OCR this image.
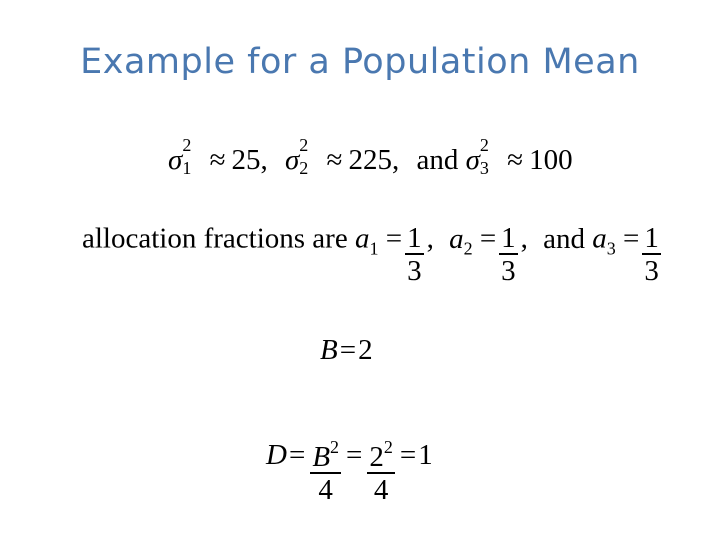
Example for a Population Mean
σ 2
1 ≈ 25, σ 2
2 ≈ 225, and σ 2
3 ≈ 100
allocation fractions are $a_1 = \frac{1}{3}$ , $a_2 = \frac{1}{3}$ , and $a_3 = \frac{1}{3}$
B=2
$D= \frac{B^2}{4} = \frac{2^2}{4} =1$
